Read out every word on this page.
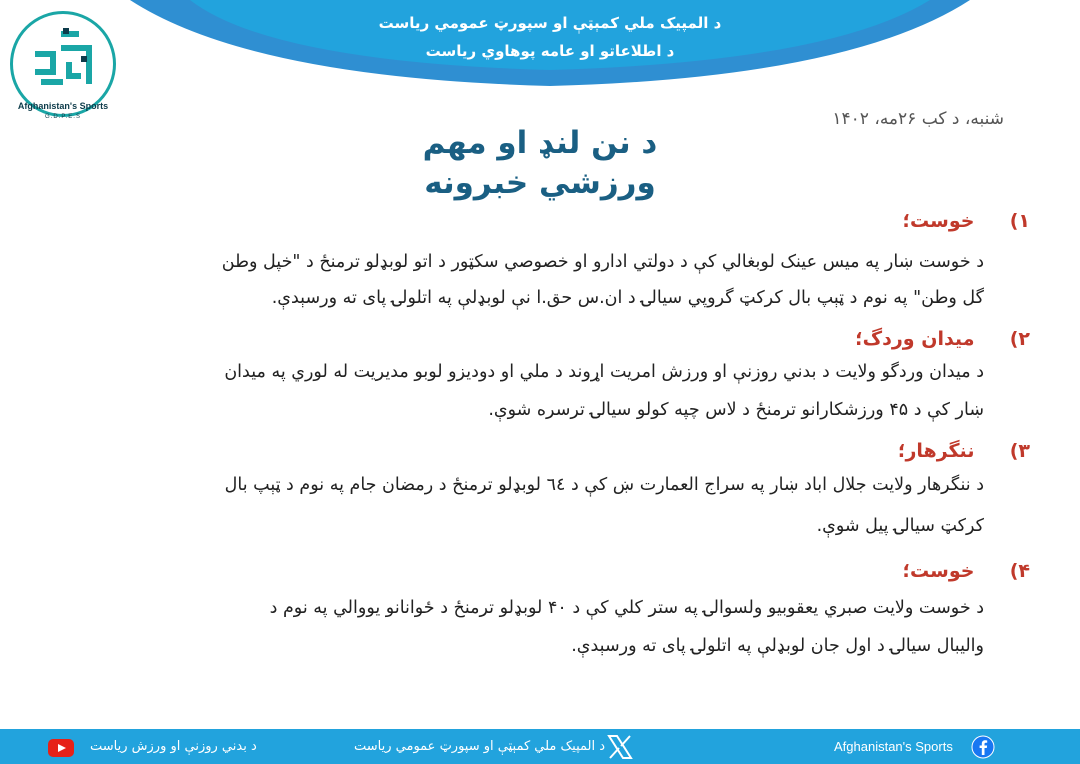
د المپیک ملي کمېټې او سپورټ عمومي رياست
د اطلاعاتو او عامه پوهاوي رياست
Afghanistan's Sports
G.D.P.E.S	شنبه، د کب ۲۶مه، ۱۴۰۲
د نن لنډ او مهم
ورزشي خبرونه
١)  خوست؛
د خوست ښار په میس عینک لوبغالي کې د دولتي ادارو او خصوصي سکټور د اتو لوبډلو ترمنځ د "خپل وطن
گل وطن" په نوم د ټېپ بال کرکټ گروپي سیالۍ د ان.س حق.ا نې لوبډلې په اتلولۍ پای ته ورسېدې.
٢)  میدان وردگ؛
د میدان وردگو ولایت د بدني روزنې او ورزش امریت اړوند د ملي او دودیزو لوبو مدیریت له لوري په میدان
ښار کې د ۴۵ ورزشکارانو ترمنځ د لاس چپه کولو سیالۍ ترسره شوې.
٣)  ننگرهار؛
د ننگرهار ولایت جلال اباد ښار په سراج العمارت ښ کې د ٦٤ لوبډلو ترمنځ د رمضان جام په نوم د ټېپ بال
کرکټ سیالۍ پیل شوې.
۴)  خوست؛
د خوست ولایت صبري یعقوبیو ولسوالۍ په ستر کلي کې د ۴۰ لوبډلو ترمنځ د ځوانانو یووالي په نوم د
والیبال سیالۍ د اول جان لوبډلې په اتلولۍ پای ته ورسېدې.
د بدني روزنې او ورزش رياست	د المپیک ملي کمېټې او سپورټ عمومي رياست	Afghanistan's Sports
